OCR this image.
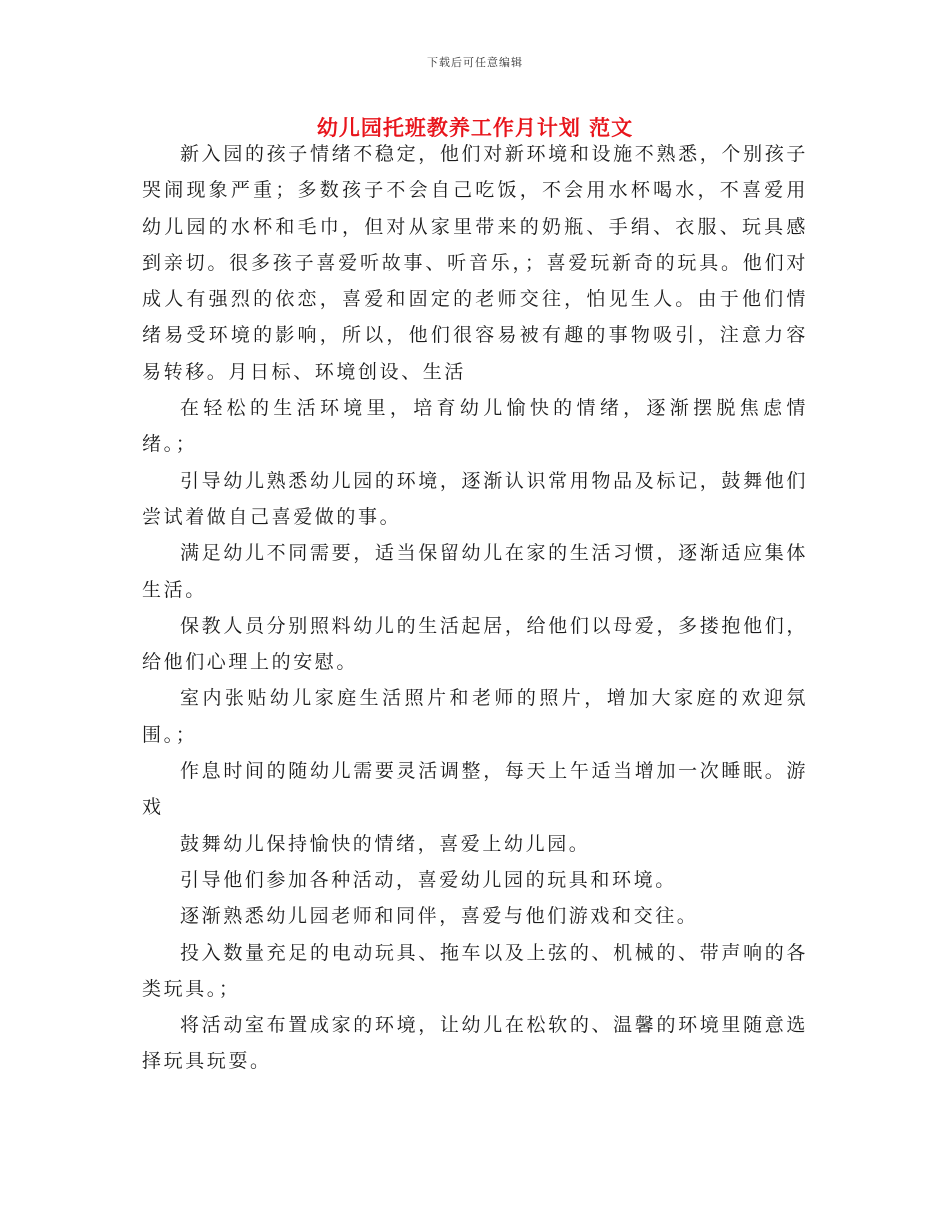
下载后可任意编辑
幼儿园托班教养工作月计划 范文

新入园的孩子情绪不稳定，他们对新环境和设施不熟悉，个别孩子哭闹现象严重；多数孩子不会自己吃饭，不会用水杯喝水，不喜爱用幼儿园的水杯和毛巾，但对从家里带来的奶瓶、手绢、衣服、玩具感到亲切。很多孩子喜爱听故事、听音乐，；喜爱玩新奇的玩具。他们对成人有强烈的依恋，喜爱和固定的老师交往，怕见生人。由于他们情绪易受环境的影响，所以，他们很容易被有趣的事物吸引，注意力容易转移。月日标、环境创设、生活

在轻松的生活环境里，培育幼儿愉快的情绪，逐渐摆脱焦虑情绪。；

引导幼儿熟悉幼儿园的环境，逐渐认识常用物品及标记，鼓舞他们尝试着做自己喜爱做的事。

满足幼儿不同需要，适当保留幼儿在家的生活习惯，逐渐适应集体生活。

保教人员分别照料幼儿的生活起居，给他们以母爱，多搂抱他们，给他们心理上的安慰。

室内张贴幼儿家庭生活照片和老师的照片，增加大家庭的欢迎氛围。；

作息时间的随幼儿需要灵活调整，每天上午适当增加一次睡眠。游戏

鼓舞幼儿保持愉快的情绪，喜爱上幼儿园。

引导他们参加各种活动，喜爱幼儿园的玩具和环境。

逐渐熟悉幼儿园老师和同伴，喜爱与他们游戏和交往。

投入数量充足的电动玩具、拖车以及上弦的、机械的、带声响的各类玩具。；

将活动室布置成家的环境，让幼儿在松软的、温馨的环境里随意选择玩具玩耍。
